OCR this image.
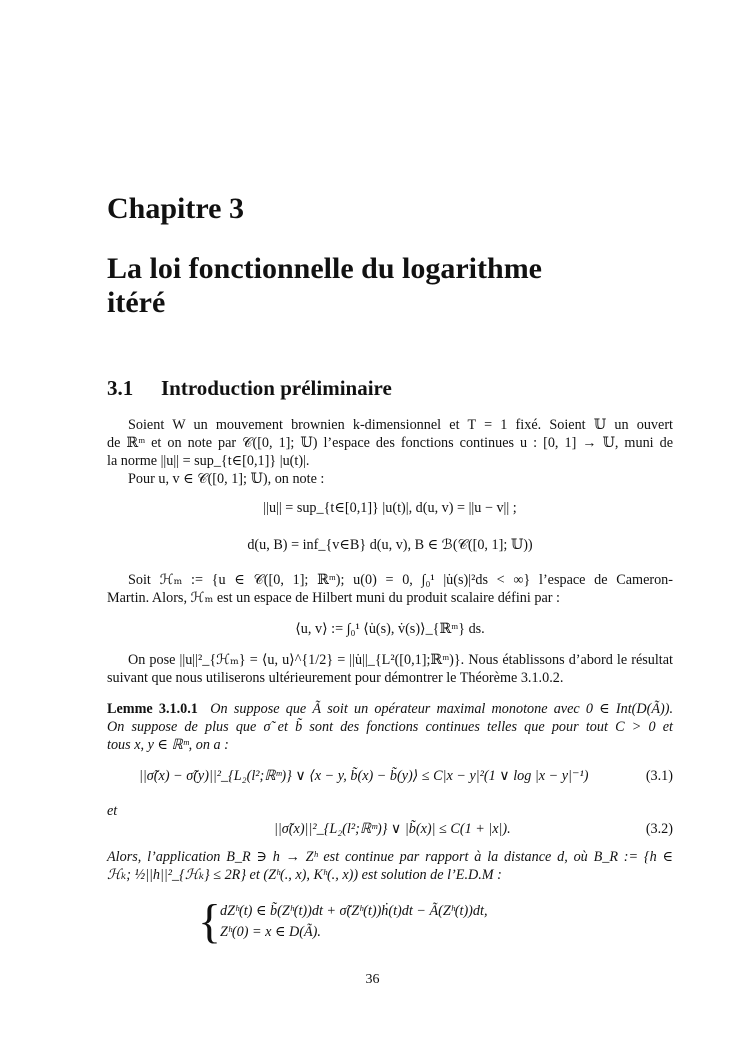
Chapitre 3
La loi fonctionnelle du logarithme
itéré
3.1 Introduction préliminaire
Soient W un mouvement brownien k-dimensionnel et T = 1 fixé. Soient 𝕌 un ouvert
de ℝᵐ et on note par 𝒞([0, 1]; 𝕌) l’espace des fonctions continues u : [0, 1] → 𝕌, muni de
la norme ||u|| = sup_{t∈[0,1]} |u(t)|.
Pour u, v ∈ 𝒞([0, 1]; 𝕌), on note :
||u|| = sup_{t∈[0,1]} |u(t)|, d(u, v) = ||u − v|| ;
d(u, B) = inf_{v∈B} d(u, v), B ∈ ℬ(𝒞([0, 1]; 𝕌))
Soit ℋₘ := {u ∈ 𝒞([0, 1]; ℝᵐ); u(0) = 0, ∫₀¹ |u̇(s)|²ds < ∞} l’espace de Cameron-
Martin. Alors, ℋₘ est un espace de Hilbert muni du produit scalaire défini par :
⟨u, v⟩ := ∫₀¹ ⟨u̇(s), v̇(s)⟩_{ℝᵐ} ds.
On pose ||u||²_{ℋₘ} = ⟨u, u⟩^{1/2} = ||u̇||_{L²([0,1];ℝᵐ)}. Nous établissons d’abord le résultat
suivant que nous utiliserons ultérieurement pour démontrer le Théorème 3.1.0.2.
Lemme 3.1.0.1 On suppose que Ã soit un opérateur maximal monotone avec 0 ∈ Int(D(Ã)).
On suppose de plus que σ̃ et b̃ sont des fonctions continues telles que pour tout C > 0 et
tous x, y ∈ ℝᵐ, on a :
||σ̃(x) − σ̃(y)||²_{L₂(l²;ℝᵐ)} ∨ ⟨x − y, b̃(x) − b̃(y)⟩ ≤ C|x − y|²(1 ∨ log |x − y|⁻¹)	(3.1)
et
||σ̃(x)||²_{L₂(l²;ℝᵐ)} ∨ |b̃(x)| ≤ C(1 + |x|).	(3.2)
Alors, l’application B_R ∋ h → Zʰ est continue par rapport à la distance d, où B_R := {h ∈
ℋₖ; ½||h||²_{ℋₖ} ≤ 2R} et (Zʰ(., x), Kʰ(., x)) est solution de l’E.D.M :
{
dZʰ(t) ∈ b̃(Zʰ(t))dt + σ̃(Zʰ(t))ḣ(t)dt − Ã(Zʰ(t))dt,
Zʰ(0) = x ∈ D(Ã).
36
